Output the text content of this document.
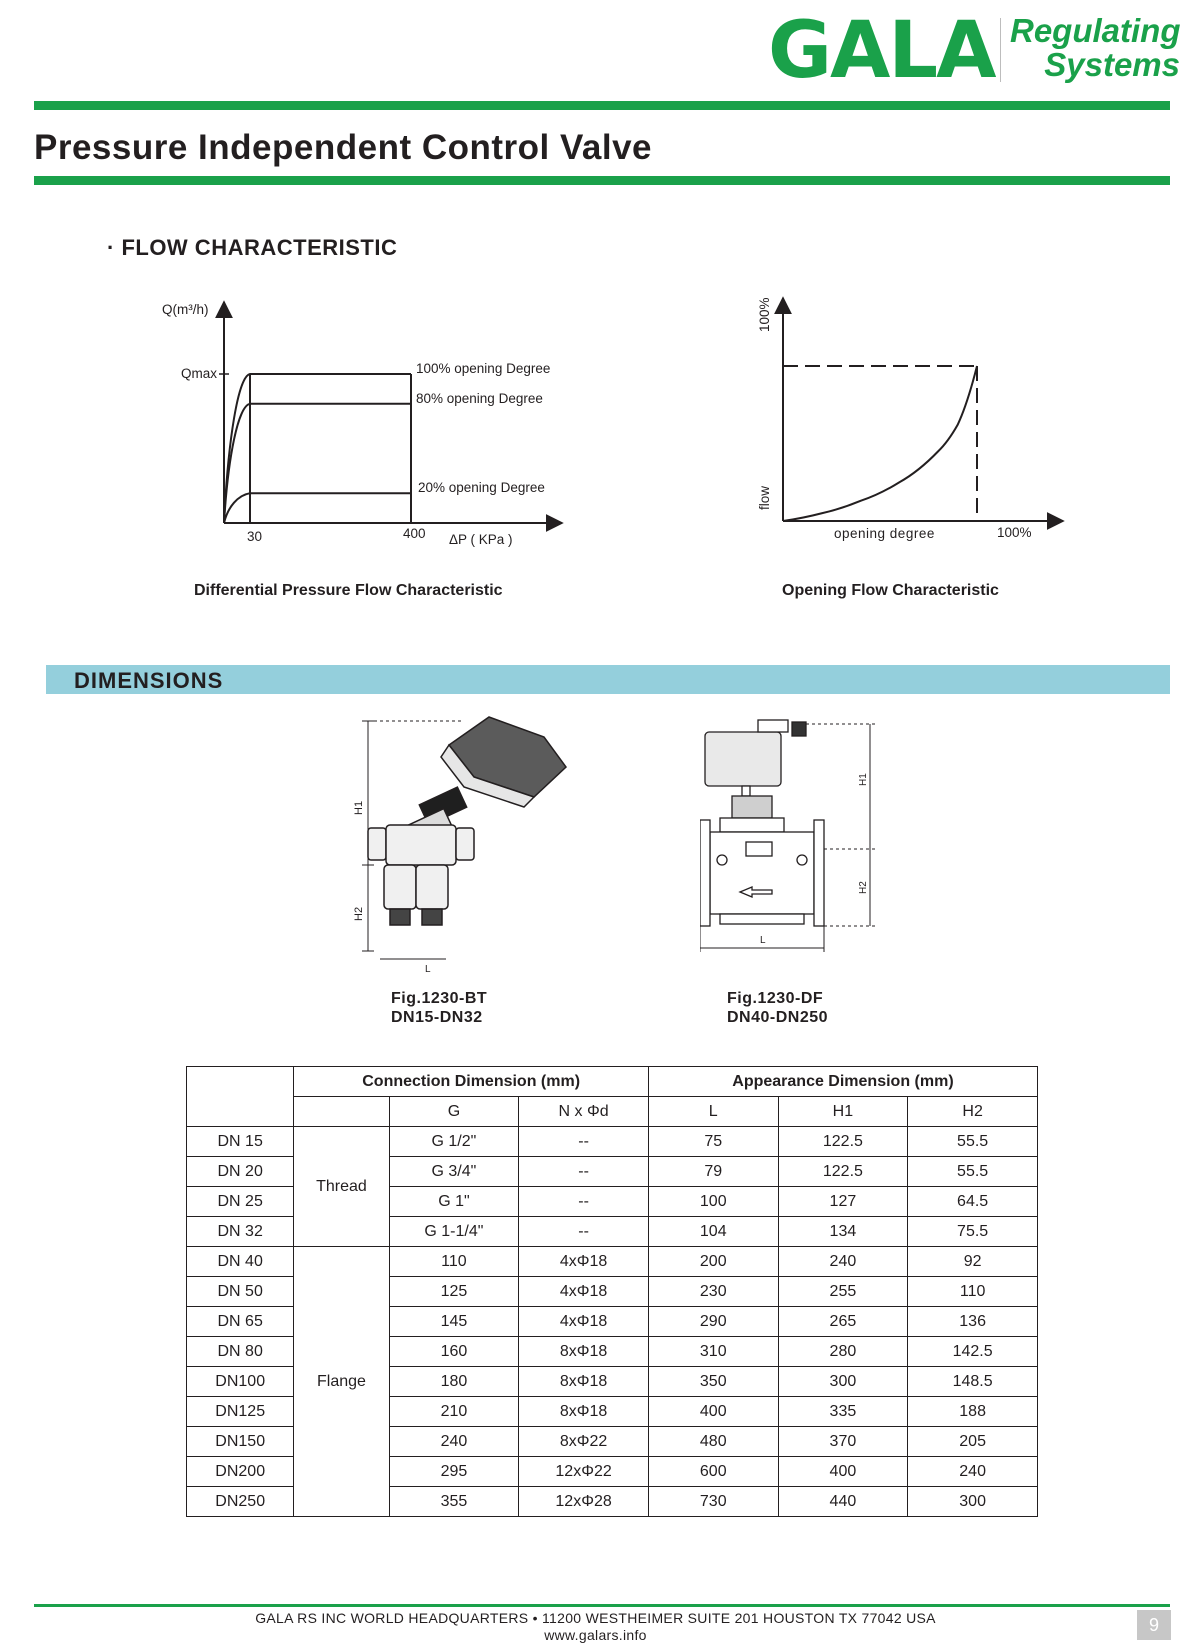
GALA Regulating
Systems
Pressure Independent Control Valve
· FLOW CHARACTERISTIC
Q(m³/h)
Qmax
30	400 ΔP ( KPa )
100% opening Degree
80% opening Degree
20% opening Degree
100%
flow
opening degree	100%
Differential Pressure Flow Characteristic	Opening Flow Characteristic
DIMENSIONS
H1
H2
L
H1
H2
L
Fig.1230-BT
DN15-DN32
Fig.1230-DF
DN40-DN250
	Connection Dimension (mm)			Appearance Dimension (mm)		
		G	N x Φd	L	H1	H2
DN 15	Thread	G 1/2"	--	75	122.5	55.5
DN 20		G 3/4"	--	79	122.5	55.5
DN 25		G 1"	--	100	127	64.5
DN 32		G 1-1/4"	--	104	134	75.5
DN 40	Flange	110	4xΦ18	200	240	92
DN 50		125	4xΦ18	230	255	110
DN 65		145	4xΦ18	290	265	136
DN 80		160	8xΦ18	310	280	142.5
DN100		180	8xΦ18	350	300	148.5
DN125		210	8xΦ18	400	335	188
DN150		240	8xΦ22	480	370	205
DN200		295	12xΦ22	600	400	240
DN250		355	12xΦ28	730	440	300
GALA RS INC WORLD HEADQUARTERS • 11200 WESTHEIMER SUITE 201 HOUSTON TX 77042 USA
www.galars.info	9
